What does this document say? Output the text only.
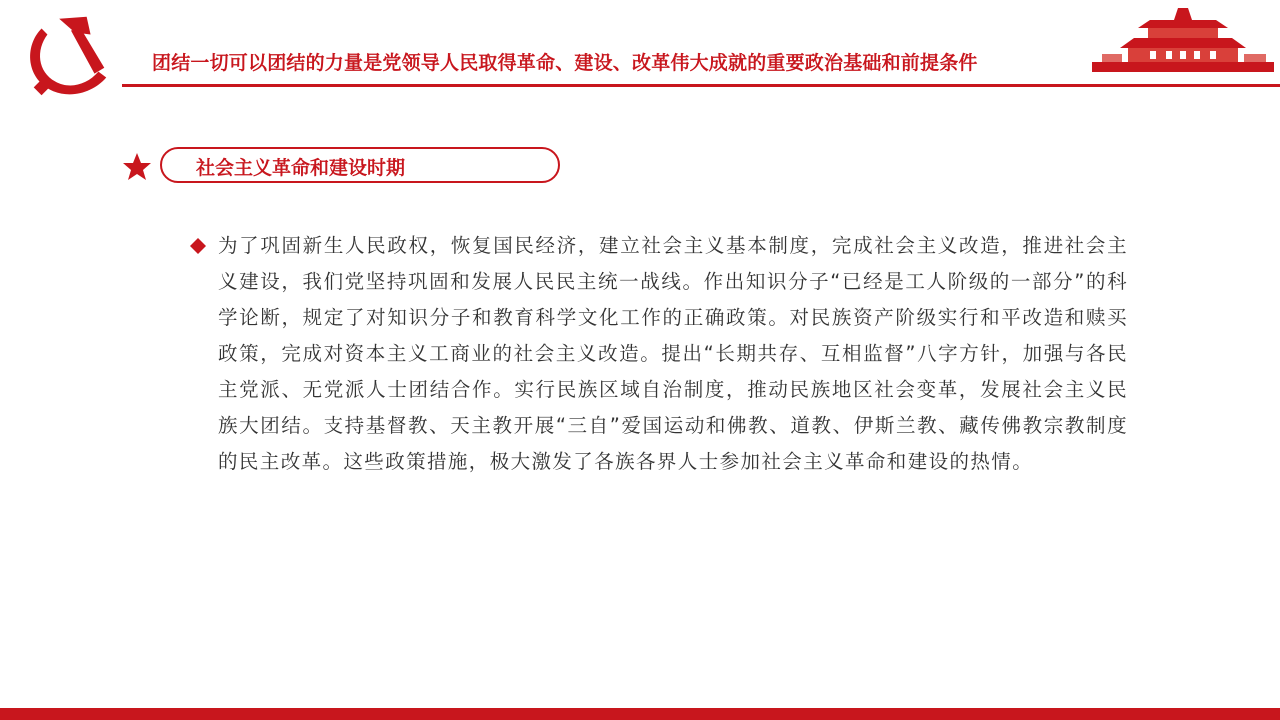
团结一切可以团结的力量是党领导人民取得革命、建设、改革伟大成就的重要政治基础和前提条件
社会主义革命和建设时期

为了巩固新生人民政权，恢复国民经济，建立社会主义基本制度，完成社会主义改造，推进社会主义建设，我们党坚持巩固和发展人民民主统一战线。作出知识分子“已经是工人阶级的一部分”的科学论断，规定了对知识分子和教育科学文化工作的正确政策。对民族资产阶级实行和平改造和赎买政策，完成对资本主义工商业的社会主义改造。提出“长期共存、互相监督”八字方针，加强与各民主党派、无党派人士团结合作。实行民族区域自治制度，推动民族地区社会变革，发展社会主义民族大团结。支持基督教、天主教开展“三自”爱国运动和佛教、道教、伊斯兰教、藏传佛教宗教制度的民主改革。这些政策措施，极大激发了各族各界人士参加社会主义革命和建设的热情。
